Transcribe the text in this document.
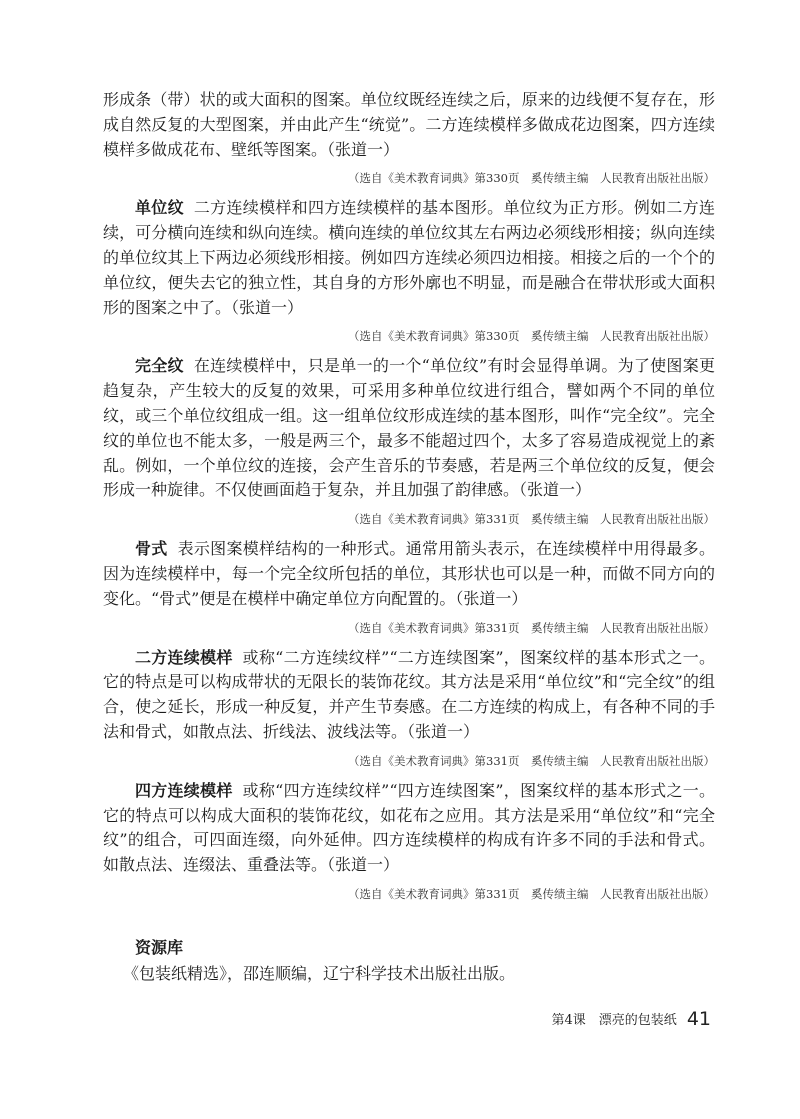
形成条（带）状的或大面积的图案。单位纹既经连续之后，原来的边线便不复存在，形成自然反复的大型图案，并由此产生“统觉”。二方连续模样多做成花边图案，四方连续模样多做成花布、壁纸等图案。（张道一）

（选自《美术教育词典》第330页　奚传绩主编　人民教育出版社出版）

单位纹 二方连续模样和四方连续模样的基本图形。单位纹为正方形。例如二方连续，可分横向连续和纵向连续。横向连续的单位纹其左右两边必须线形相接；纵向连续的单位纹其上下两边必须线形相接。例如四方连续必须四边相接。相接之后的一个个的单位纹，便失去它的独立性，其自身的方形外廓也不明显，而是融合在带状形或大面积形的图案之中了。（张道一）

（选自《美术教育词典》第330页　奚传绩主编　人民教育出版社出版）

完全纹 在连续模样中，只是单一的一个“单位纹”有时会显得单调。为了使图案更趋复杂，产生较大的反复的效果，可采用多种单位纹进行组合，譬如两个不同的单位纹，或三个单位纹组成一组。这一组单位纹形成连续的基本图形，叫作“完全纹”。完全纹的单位也不能太多，一般是两三个，最多不能超过四个，太多了容易造成视觉上的紊乱。例如，一个单位纹的连接，会产生音乐的节奏感，若是两三个单位纹的反复，便会形成一种旋律。不仅使画面趋于复杂，并且加强了韵律感。（张道一）

（选自《美术教育词典》第331页　奚传绩主编　人民教育出版社出版）

骨式 表示图案模样结构的一种形式。通常用箭头表示，在连续模样中用得最多。因为连续模样中，每一个完全纹所包括的单位，其形状也可以是一种，而做不同方向的变化。“骨式”便是在模样中确定单位方向配置的。（张道一）

（选自《美术教育词典》第331页　奚传绩主编　人民教育出版社出版）

二方连续模样 或称“二方连续纹样”“二方连续图案”，图案纹样的基本形式之一。它的特点是可以构成带状的无限长的装饰花纹。其方法是采用“单位纹”和“完全纹”的组合，使之延长，形成一种反复，并产生节奏感。在二方连续的构成上，有各种不同的手法和骨式，如散点法、折线法、波线法等。（张道一）

（选自《美术教育词典》第331页　奚传绩主编　人民教育出版社出版）

四方连续模样 或称“四方连续纹样”“四方连续图案”，图案纹样的基本形式之一。它的特点可以构成大面积的装饰花纹，如花布之应用。其方法是采用“单位纹”和“完全纹”的组合，可四面连缀，向外延伸。四方连续模样的构成有许多不同的手法和骨式。如散点法、连缀法、重叠法等。（张道一）

（选自《美术教育词典》第331页　奚传绩主编　人民教育出版社出版）
资源库
《包装纸精选》，邵连顺编，辽宁科学技术出版社出版。
第4课　漂亮的包装纸 41
